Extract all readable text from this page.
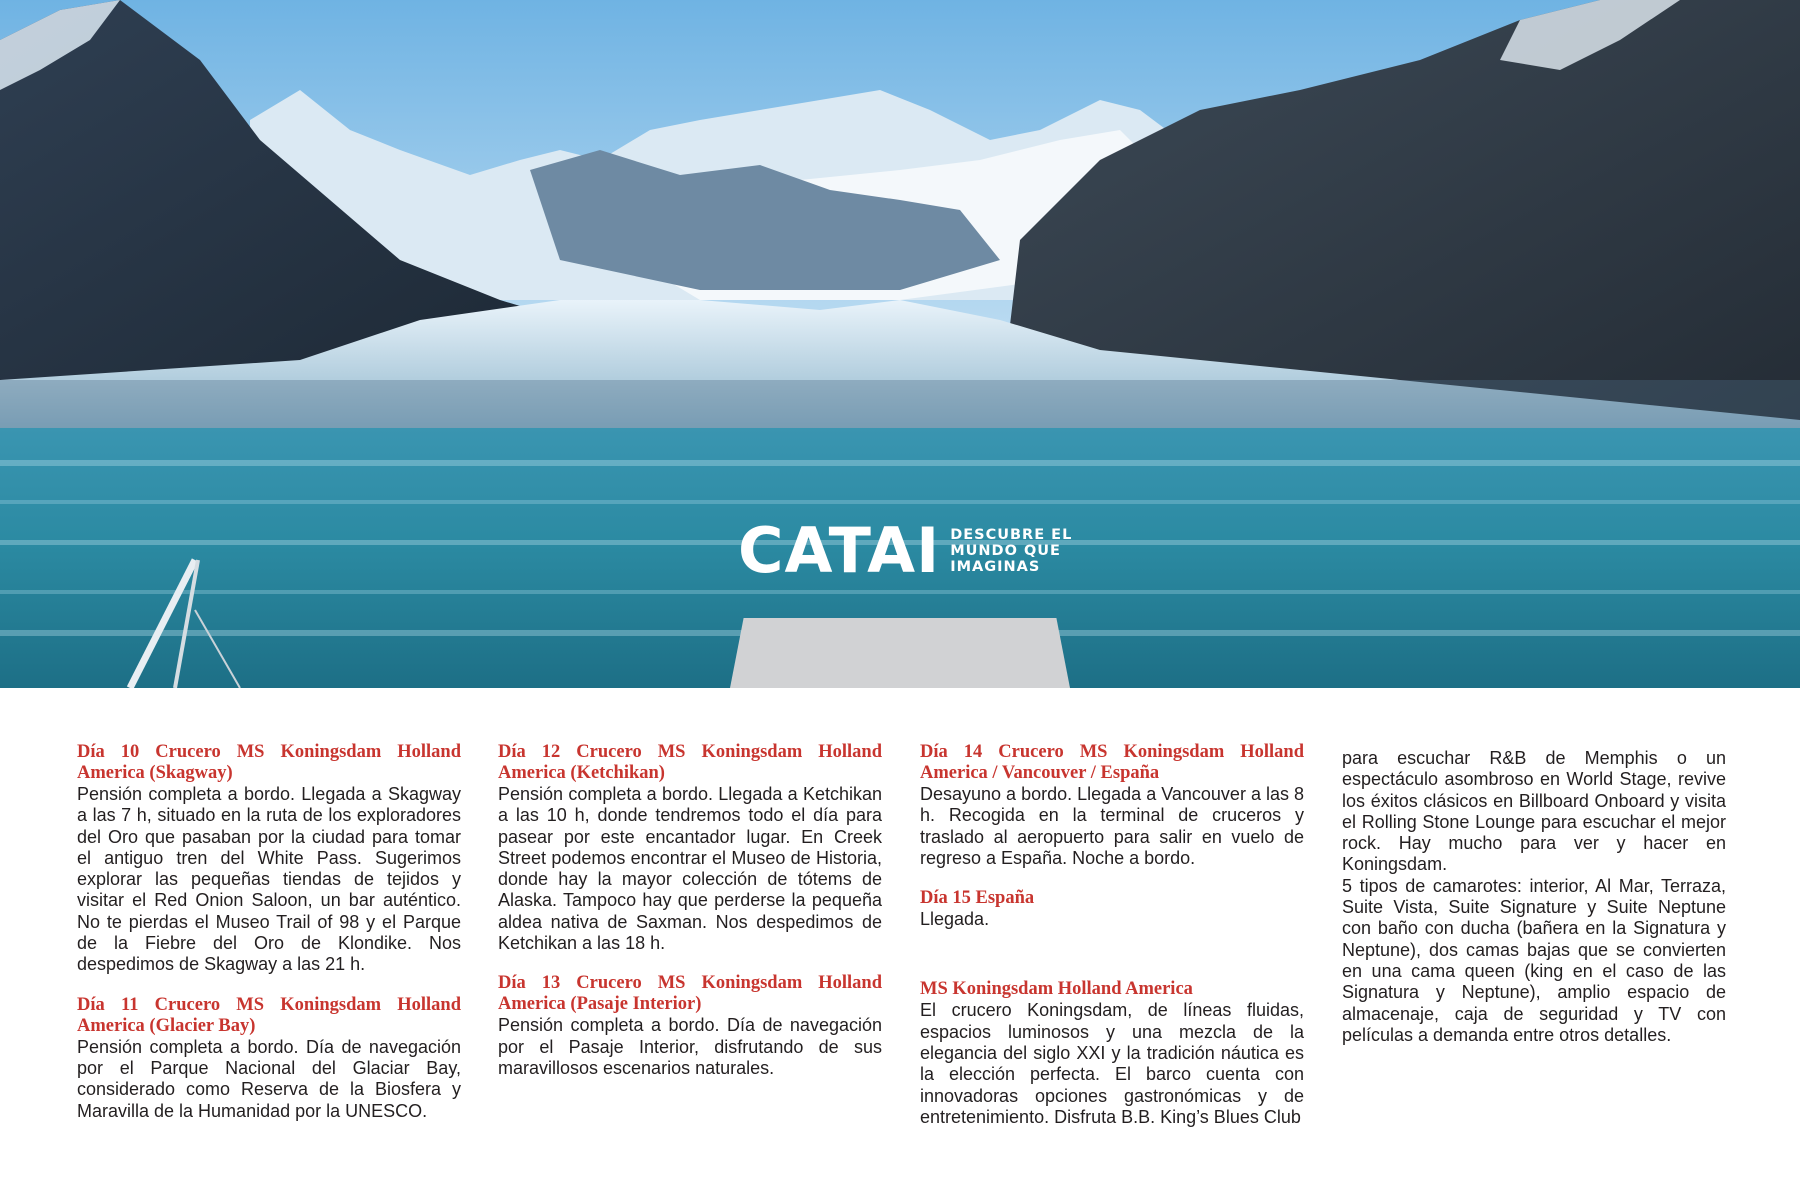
CATAI DESCUBRE EL
MUNDO QUE
IMAGINAS

Día 10 Crucero MS Koningsdam Holland America (Skagway)

Pensión completa a bordo. Llegada a Skagway a las 7 h, situado en la ruta de los exploradores del Oro que pasaban por la ciudad para tomar el antiguo tren del White Pass. Sugerimos explorar las pequeñas tiendas de tejidos y visitar el Red Onion Saloon, un bar auténtico. No te pierdas el Museo Trail of 98 y el Parque de la Fiebre del Oro de Klondike. Nos despedimos de Skagway a las 21 h.

Día 11 Crucero MS Koningsdam Holland America (Glacier Bay)

Pensión completa a bordo. Día de navegación por el Parque Nacional del Glaciar Bay, considerado como Reserva de la Biosfera y Maravilla de la Humanidad por la UNESCO.

Día 12 Crucero MS Koningsdam Holland America (Ketchikan)

Pensión completa a bordo. Llegada a Ketchikan a las 10 h, donde tendremos todo el día para pasear por este encantador lugar. En Creek Street podemos encontrar el Museo de Historia, donde hay la mayor colección de tótems de Alaska. Tampoco hay que perderse la pequeña aldea nativa de Saxman. Nos despedimos de Ketchikan a las 18 h.

Día 13 Crucero MS Koningsdam Holland America (Pasaje Interior)

Pensión completa a bordo. Día de navegación por el Pasaje Interior, disfrutando de sus maravillosos escenarios naturales.

Día 14 Crucero MS Koningsdam Holland America / Vancouver / España

Desayuno a bordo. Llegada a Vancouver a las 8 h. Recogida en la terminal de cruceros y traslado al aeropuerto para salir en vuelo de regreso a España. Noche a bordo.

Día 15 España

Llegada.

MS Koningsdam Holland America

El crucero Koningsdam, de líneas fluidas, espacios luminosos y una mezcla de la elegancia del siglo XXI y la tradición náutica es la elección perfecta. El barco cuenta con innovadoras opciones gastronómicas y de entretenimiento. Disfruta B.B. King’s Blues Club

para escuchar R&B de Memphis o un espectáculo asombroso en World Stage, revive los éxitos clásicos en Billboard Onboard y visita el Rolling Stone Lounge para escuchar el mejor rock. Hay mucho para ver y hacer en Koningsdam.

5 tipos de camarotes: interior, Al Mar, Terraza, Suite Vista, Suite Signature y Suite Neptune con baño con ducha (bañera en la Signatura y Neptune), dos camas bajas que se convierten en una cama queen (king en el caso de las Signatura y Neptune), amplio espacio de almacenaje, caja de seguridad y TV con películas a demanda entre otros detalles.
